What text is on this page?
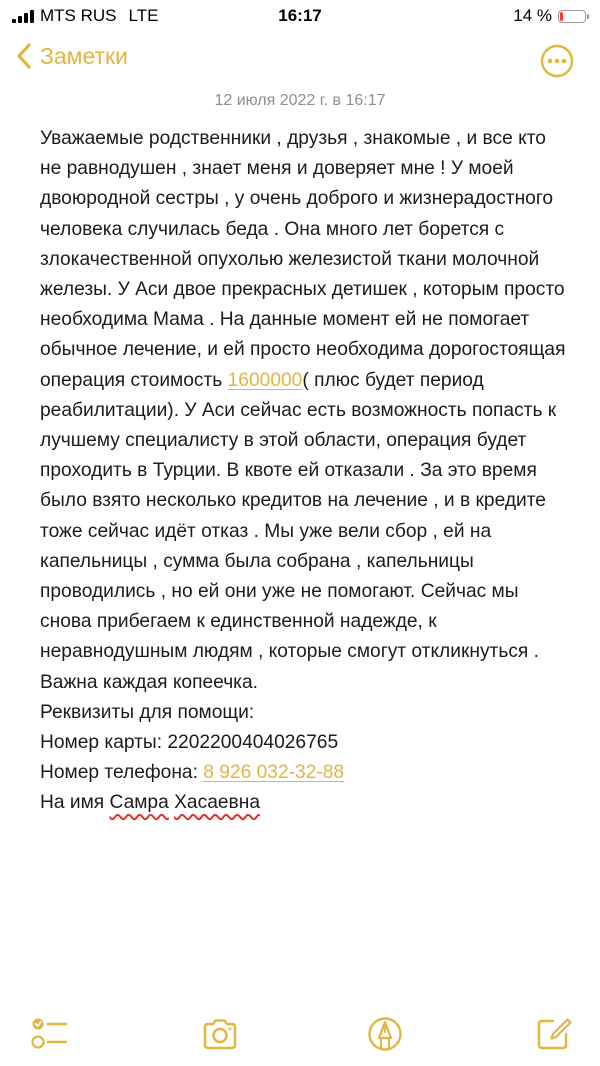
MTS RUS LTE	16:17	14 %
Заметки
12 июля 2022 г. в 16:17

Уважаемые родственники , друзья , знакомые , и все кто не равнодушен , знает меня и доверяет мне ! У моей двоюродной сестры , у очень доброго и жизнерадостного человека случилась беда . Она много лет борется с злокачественной опухолью железистой ткани молочной железы. У Аси двое прекрасных детишек , которым просто необходима Мама . На данные момент ей не помогает обычное лечение, и ей просто необходима дорогостоящая операция стоимость 1600000( плюс будет период реабилитации). У Аси сейчас есть возможность попасть к лучшему специалисту в этой области, операция будет проходить в Турции. В квоте ей отказали . За это время было взято несколько кредитов на лечение , и в кредите тоже сейчас идёт отказ . Мы уже вели сбор , ей на капельницы , сумма была собрана , капельницы проводились , но ей они уже не помогают. Сейчас мы снова прибегаем к единственной надежде, к неравнодушным людям , которые смогут откликнуться . Важна каждая копеечка.

Реквизиты для помощи:

Номер карты: 2202200404026765

Номер телефона: 8 926 032-32-88

На имя Самра Хасаевна
